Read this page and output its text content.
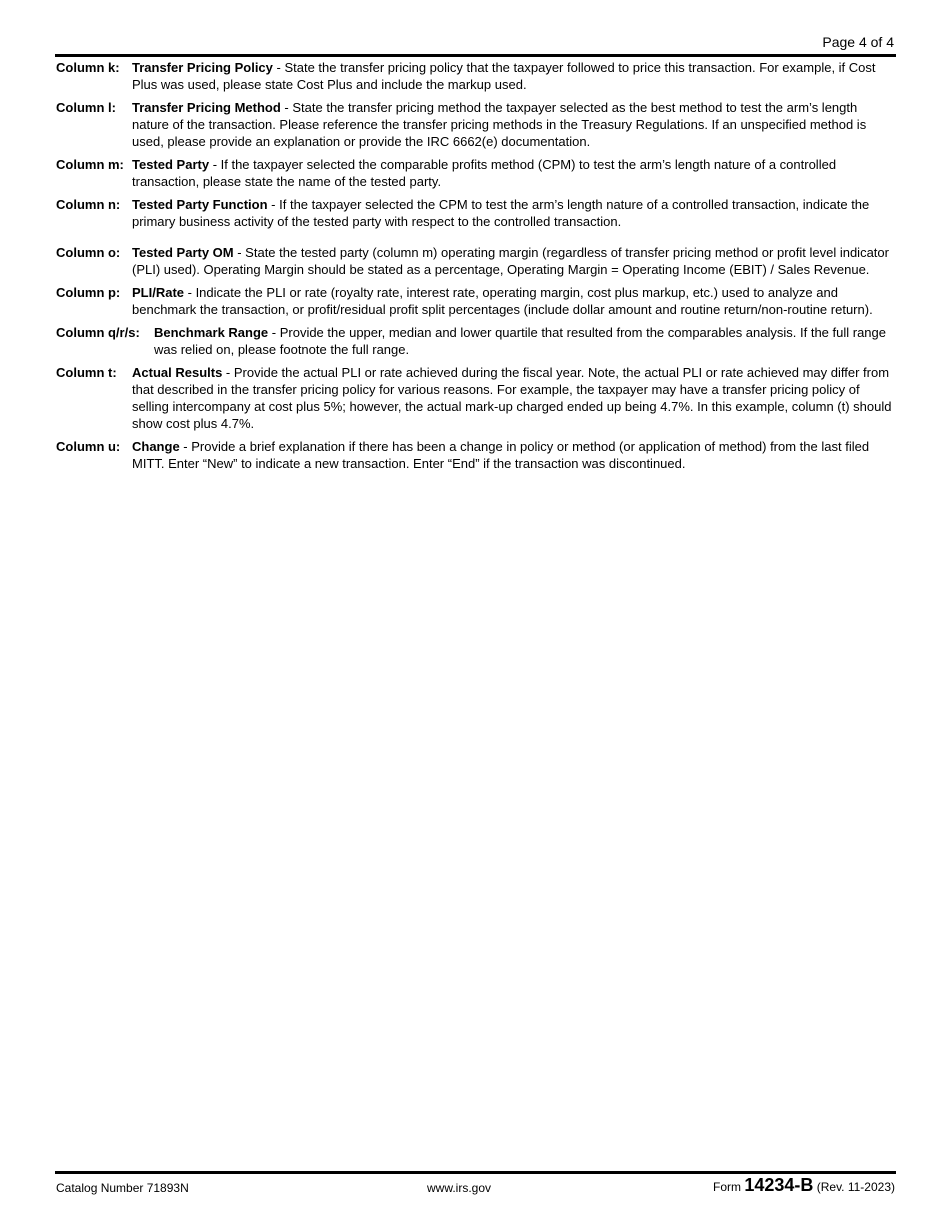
Page 4 of 4
Column k: Transfer Pricing Policy - State the transfer pricing policy that the taxpayer followed to price this transaction. For example, if Cost Plus was used, please state Cost Plus and include the markup used.
Column l: Transfer Pricing Method - State the transfer pricing method the taxpayer selected as the best method to test the arm’s length nature of the transaction. Please reference the transfer pricing methods in the Treasury Regulations. If an unspecified method is used, please provide an explanation or provide the IRC 6662(e) documentation.
Column m: Tested Party - If the taxpayer selected the comparable profits method (CPM) to test the arm’s length nature of a controlled transaction, please state the name of the tested party.
Column n: Tested Party Function - If the taxpayer selected the CPM to test the arm’s length nature of a controlled transaction, indicate the primary business activity of the tested party with respect to the controlled transaction.
Column o: Tested Party OM - State the tested party (column m) operating margin (regardless of transfer pricing method or profit level indicator (PLI) used). Operating Margin should be stated as a percentage, Operating Margin = Operating Income (EBIT) / Sales Revenue.
Column p: PLI/Rate - Indicate the PLI or rate (royalty rate, interest rate, operating margin, cost plus markup, etc.) used to analyze and benchmark the transaction, or profit/residual profit split percentages (include dollar amount and routine return/non-routine return).
Column q/r/s: Benchmark Range - Provide the upper, median and lower quartile that resulted from the comparables analysis. If the full range was relied on, please footnote the full range.
Column t: Actual Results - Provide the actual PLI or rate achieved during the fiscal year. Note, the actual PLI or rate achieved may differ from that described in the transfer pricing policy for various reasons. For example, the taxpayer may have a transfer pricing policy of selling intercompany at cost plus 5%; however, the actual mark-up charged ended up being 4.7%. In this example, column (t) should show cost plus 4.7%.
Column u: Change - Provide a brief explanation if there has been a change in policy or method (or application of method) from the last filed MITT. Enter “New” to indicate a new transaction. Enter “End” if the transaction was discontinued.
Catalog Number 71893N	www.irs.gov	Form 14234-B (Rev. 11-2023)
